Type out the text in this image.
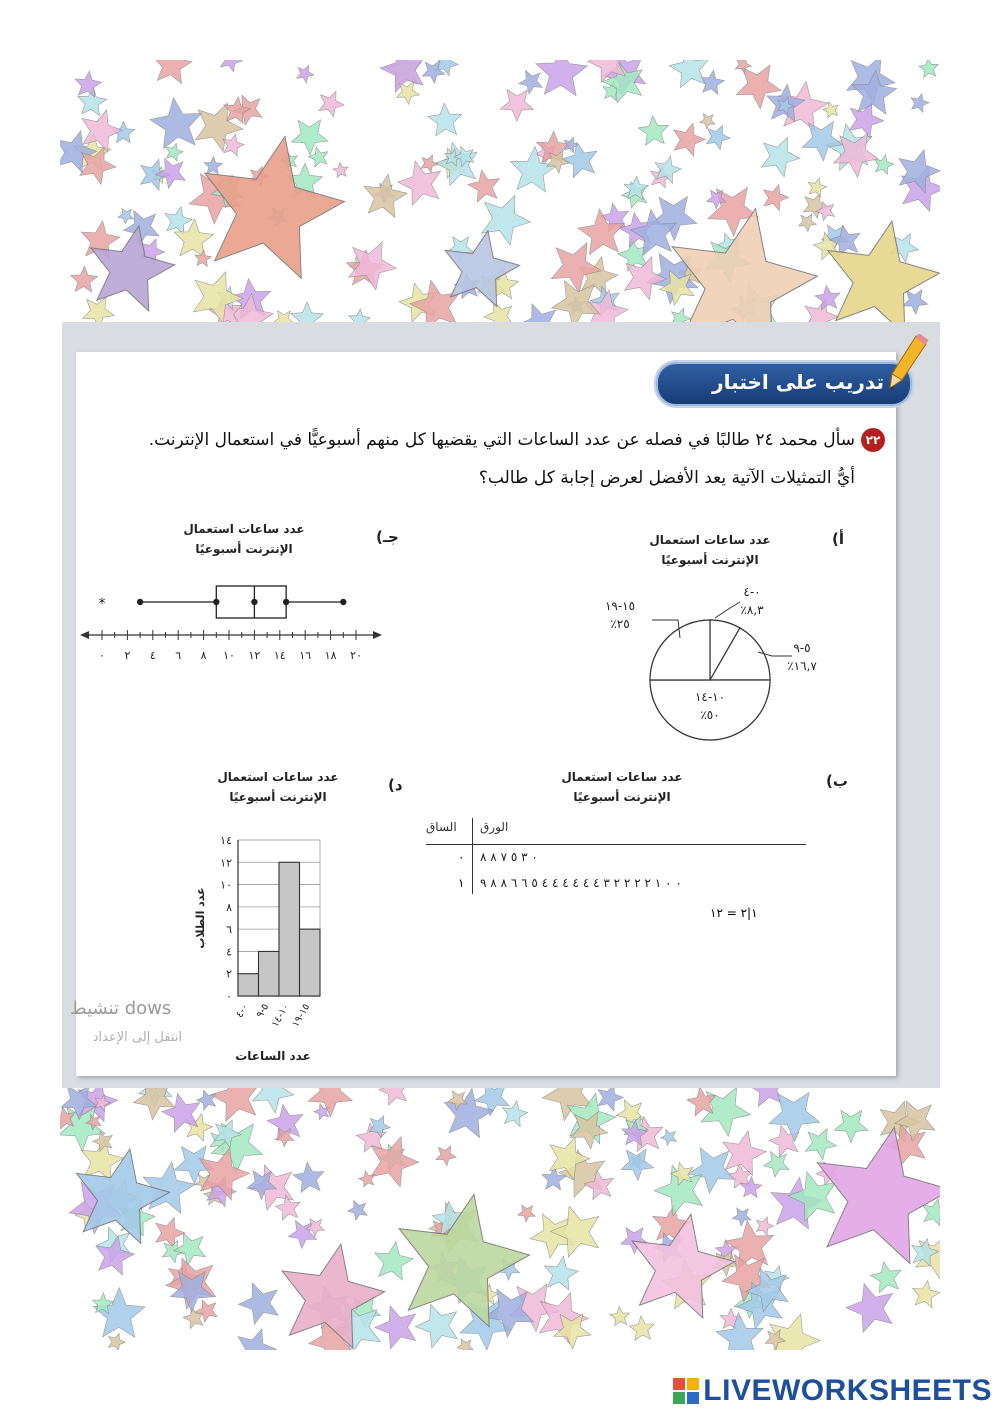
تدريب على اختبار
٢٢
سأل محمد ٢٤ طالبًا في فصله عن عدد الساعات التي يقضيها كل منهم أسبوعيًّا في استعمال الإنترنت.
أيُّ التمثيلات الآتية يعد الأفضل لعرض إجابة كل طالب؟
أ)
جـ)
ب)
د)
عدد ساعات استعمال
الإنترنت أسبوعيًا
عدد ساعات استعمال
الإنترنت أسبوعيًا
عدد ساعات استعمال
الإنترنت أسبوعيًا
عدد ساعات استعمال
الإنترنت أسبوعيًا
٠-٤
٪٨,٣
٥-٩
٪١٦,٧
١٠-١٤
٪٥٠
١٥-١٩
٪٢٥
٠ ٢ ٤ ٦ ٨ ١٠ ١٢ ١٤ ١٦ ١٨ ٢٠
*
الساق الورق
٠
١
٠ ٣ ٥ ٧ ٨ ٨
٠ ٠ ١ ٢ ٢ ٢ ٢ ٣ ٤ ٤ ٤ ٤ ٤ ٤ ٥ ٦ ٦ ٨ ٨ ٩
١|٢ = ١٢
٠
٢
٤
٦
٨
١٠
١٢
١٤
٠-٤
٥-٩
١٠-١٤
١٥-١٩
عدد الطلاب
عدد الساعات
تنشيط dows
انتقل إلى الإعداد
LIVEWORKSHEETS
